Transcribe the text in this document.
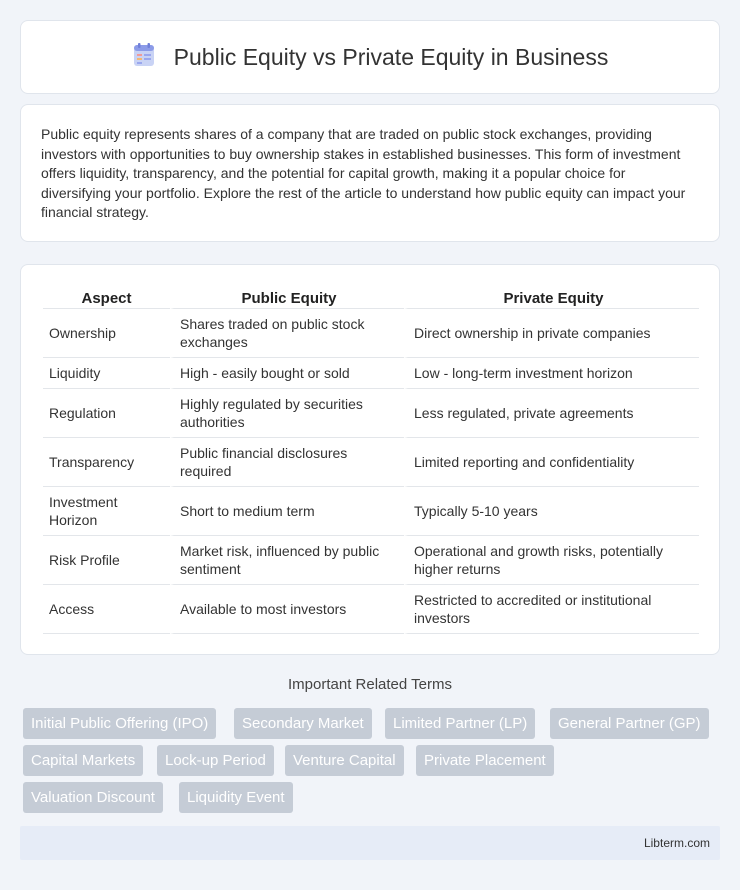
Public Equity vs Private Equity in Business

Public equity represents shares of a company that are traded on public stock exchanges, providing investors with opportunities to buy ownership stakes in established businesses. This form of investment offers liquidity, transparency, and the potential for capital growth, making it a popular choice for diversifying your portfolio. Explore the rest of the article to understand how public equity can impact your financial strategy.

Aspect	Public Equity	Private Equity
Ownership	Shares traded on public stock exchanges	Direct ownership in private companies
Liquidity	High - easily bought or sold	Low - long-term investment horizon
Regulation	Highly regulated by securities authorities	Less regulated, private agreements
Transparency	Public financial disclosures required	Limited reporting and confidentiality
Investment Horizon	Short to medium term	Typically 5-10 years
Risk Profile	Market risk, influenced by public sentiment	Operational and growth risks, potentially higher returns
Access	Available to most investors	Restricted to accredited or institutional investors
Important Related Terms
Initial Public Offering (IPO)	Secondary Market	Limited Partner (LP)	General Partner (GP)
Capital Markets	Lock-up Period	Venture Capital	Private Placement
Valuation Discount	Liquidity Event
Libterm.com
